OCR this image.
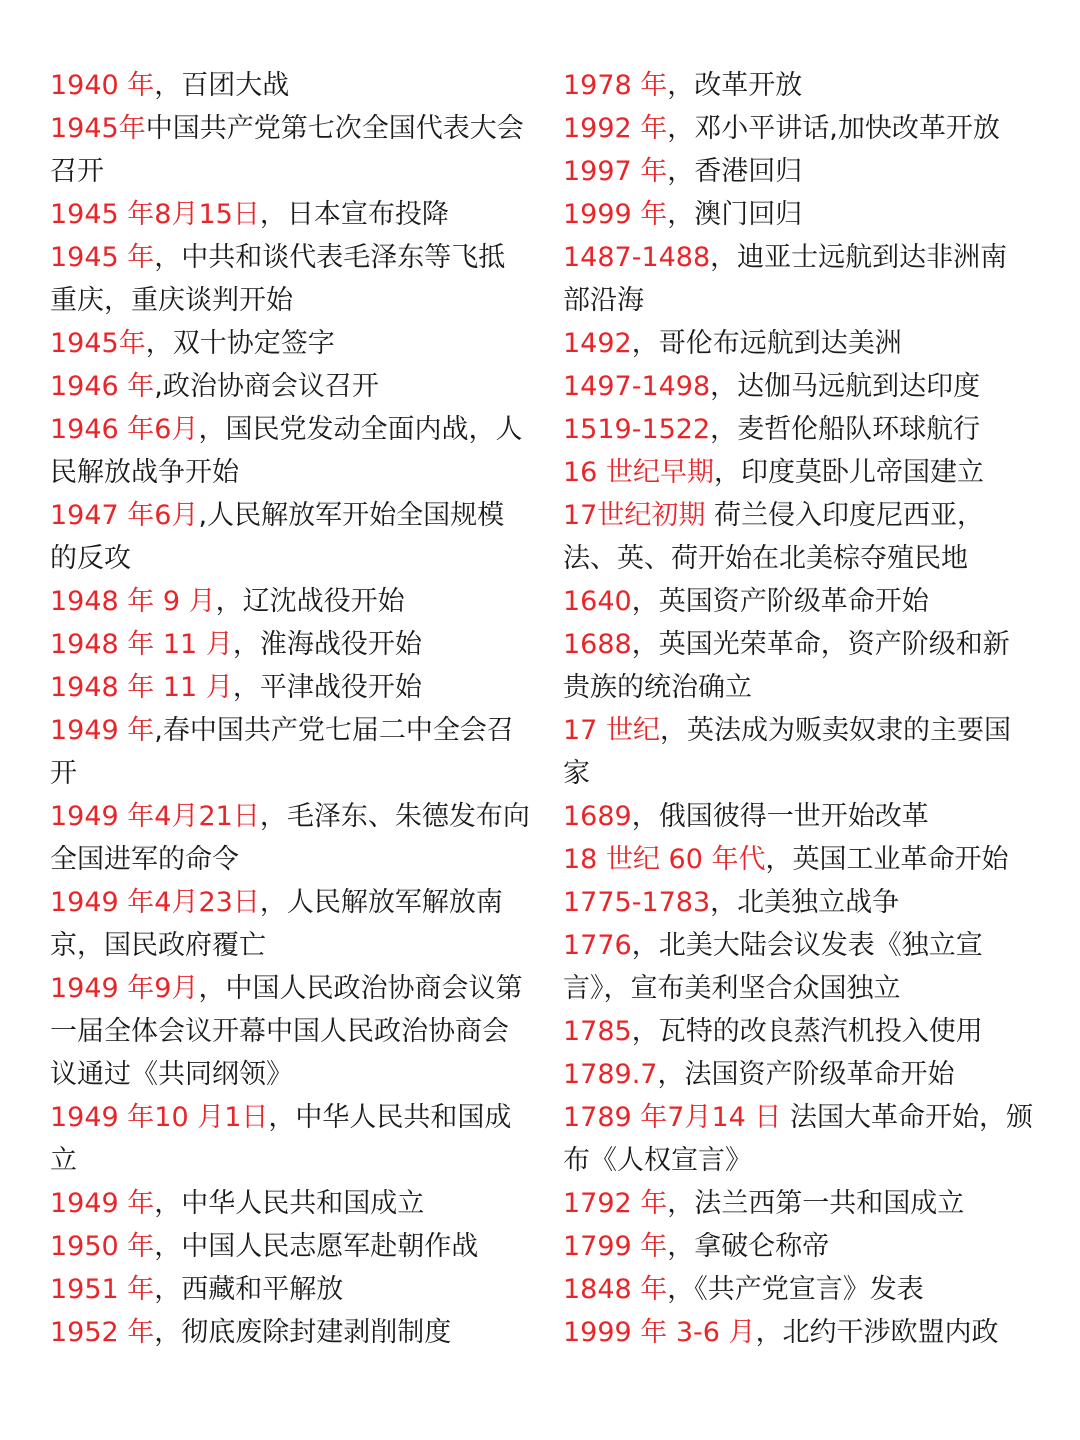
1940 年，百团大战

1945年中国共产党第七次全国代表大会召开

1945 年8月15日，日本宣布投降

1945 年，中共和谈代表毛泽东等飞抵重庆，重庆谈判开始

1945年，双十协定签字

1946 年,政治协商会议召开

1946 年6月，国民党发动全面内战，人民解放战争开始

1947 年6月,人民解放军开始全国规模的反攻

1948 年 9 月，辽沈战役开始

1948 年 11 月，淮海战役开始

1948 年 11 月，平津战役开始

1949 年,春中国共产党七届二中全会召开

1949 年4月21日，毛泽东、朱德发布向全国进军的命令

1949 年4月23日，人民解放军解放南京，国民政府覆亡

1949 年9月，中国人民政治协商会议第一届全体会议开幕中国人民政治协商会议通过《共同纲领》

1949 年10 月1日，中华人民共和国成立

1949 年，中华人民共和国成立

1950 年，中国人民志愿军赴朝作战

1951 年，西藏和平解放

1952 年，彻底废除封建剥削制度

1978 年，改革开放

1992 年，邓小平讲话,加快改革开放

1997 年，香港回归

1999 年，澳门回归

1487-1488，迪亚士远航到达非洲南部沿海

1492，哥伦布远航到达美洲

1497-1498，达伽马远航到达印度

1519-1522，麦哲伦船队环球航行

16 世纪早期，印度莫卧儿帝国建立

17世纪初期 荷兰侵入印度尼西亚，法、英、荷开始在北美棕夺殖民地

1640，英国资产阶级革命开始

1688，英国光荣革命，资产阶级和新贵族的统治确立

17 世纪，英法成为贩卖奴隶的主要国家

1689，俄国彼得一世开始改革

18 世纪 60 年代，英国工业革命开始

1775-1783，北美独立战争

1776，北美大陆会议发表《独立宣言》，宣布美利坚合众国独立

1785，瓦特的改良蒸汽机投入使用

1789.7，法国资产阶级革命开始

1789 年7月14 日 法国大革命开始，颁布《人权宣言》

1792 年，法兰西第一共和国成立

1799 年，拿破仑称帝

1848 年，《共产党宣言》发表

1999 年 3-6 月，北约干涉欧盟内政
